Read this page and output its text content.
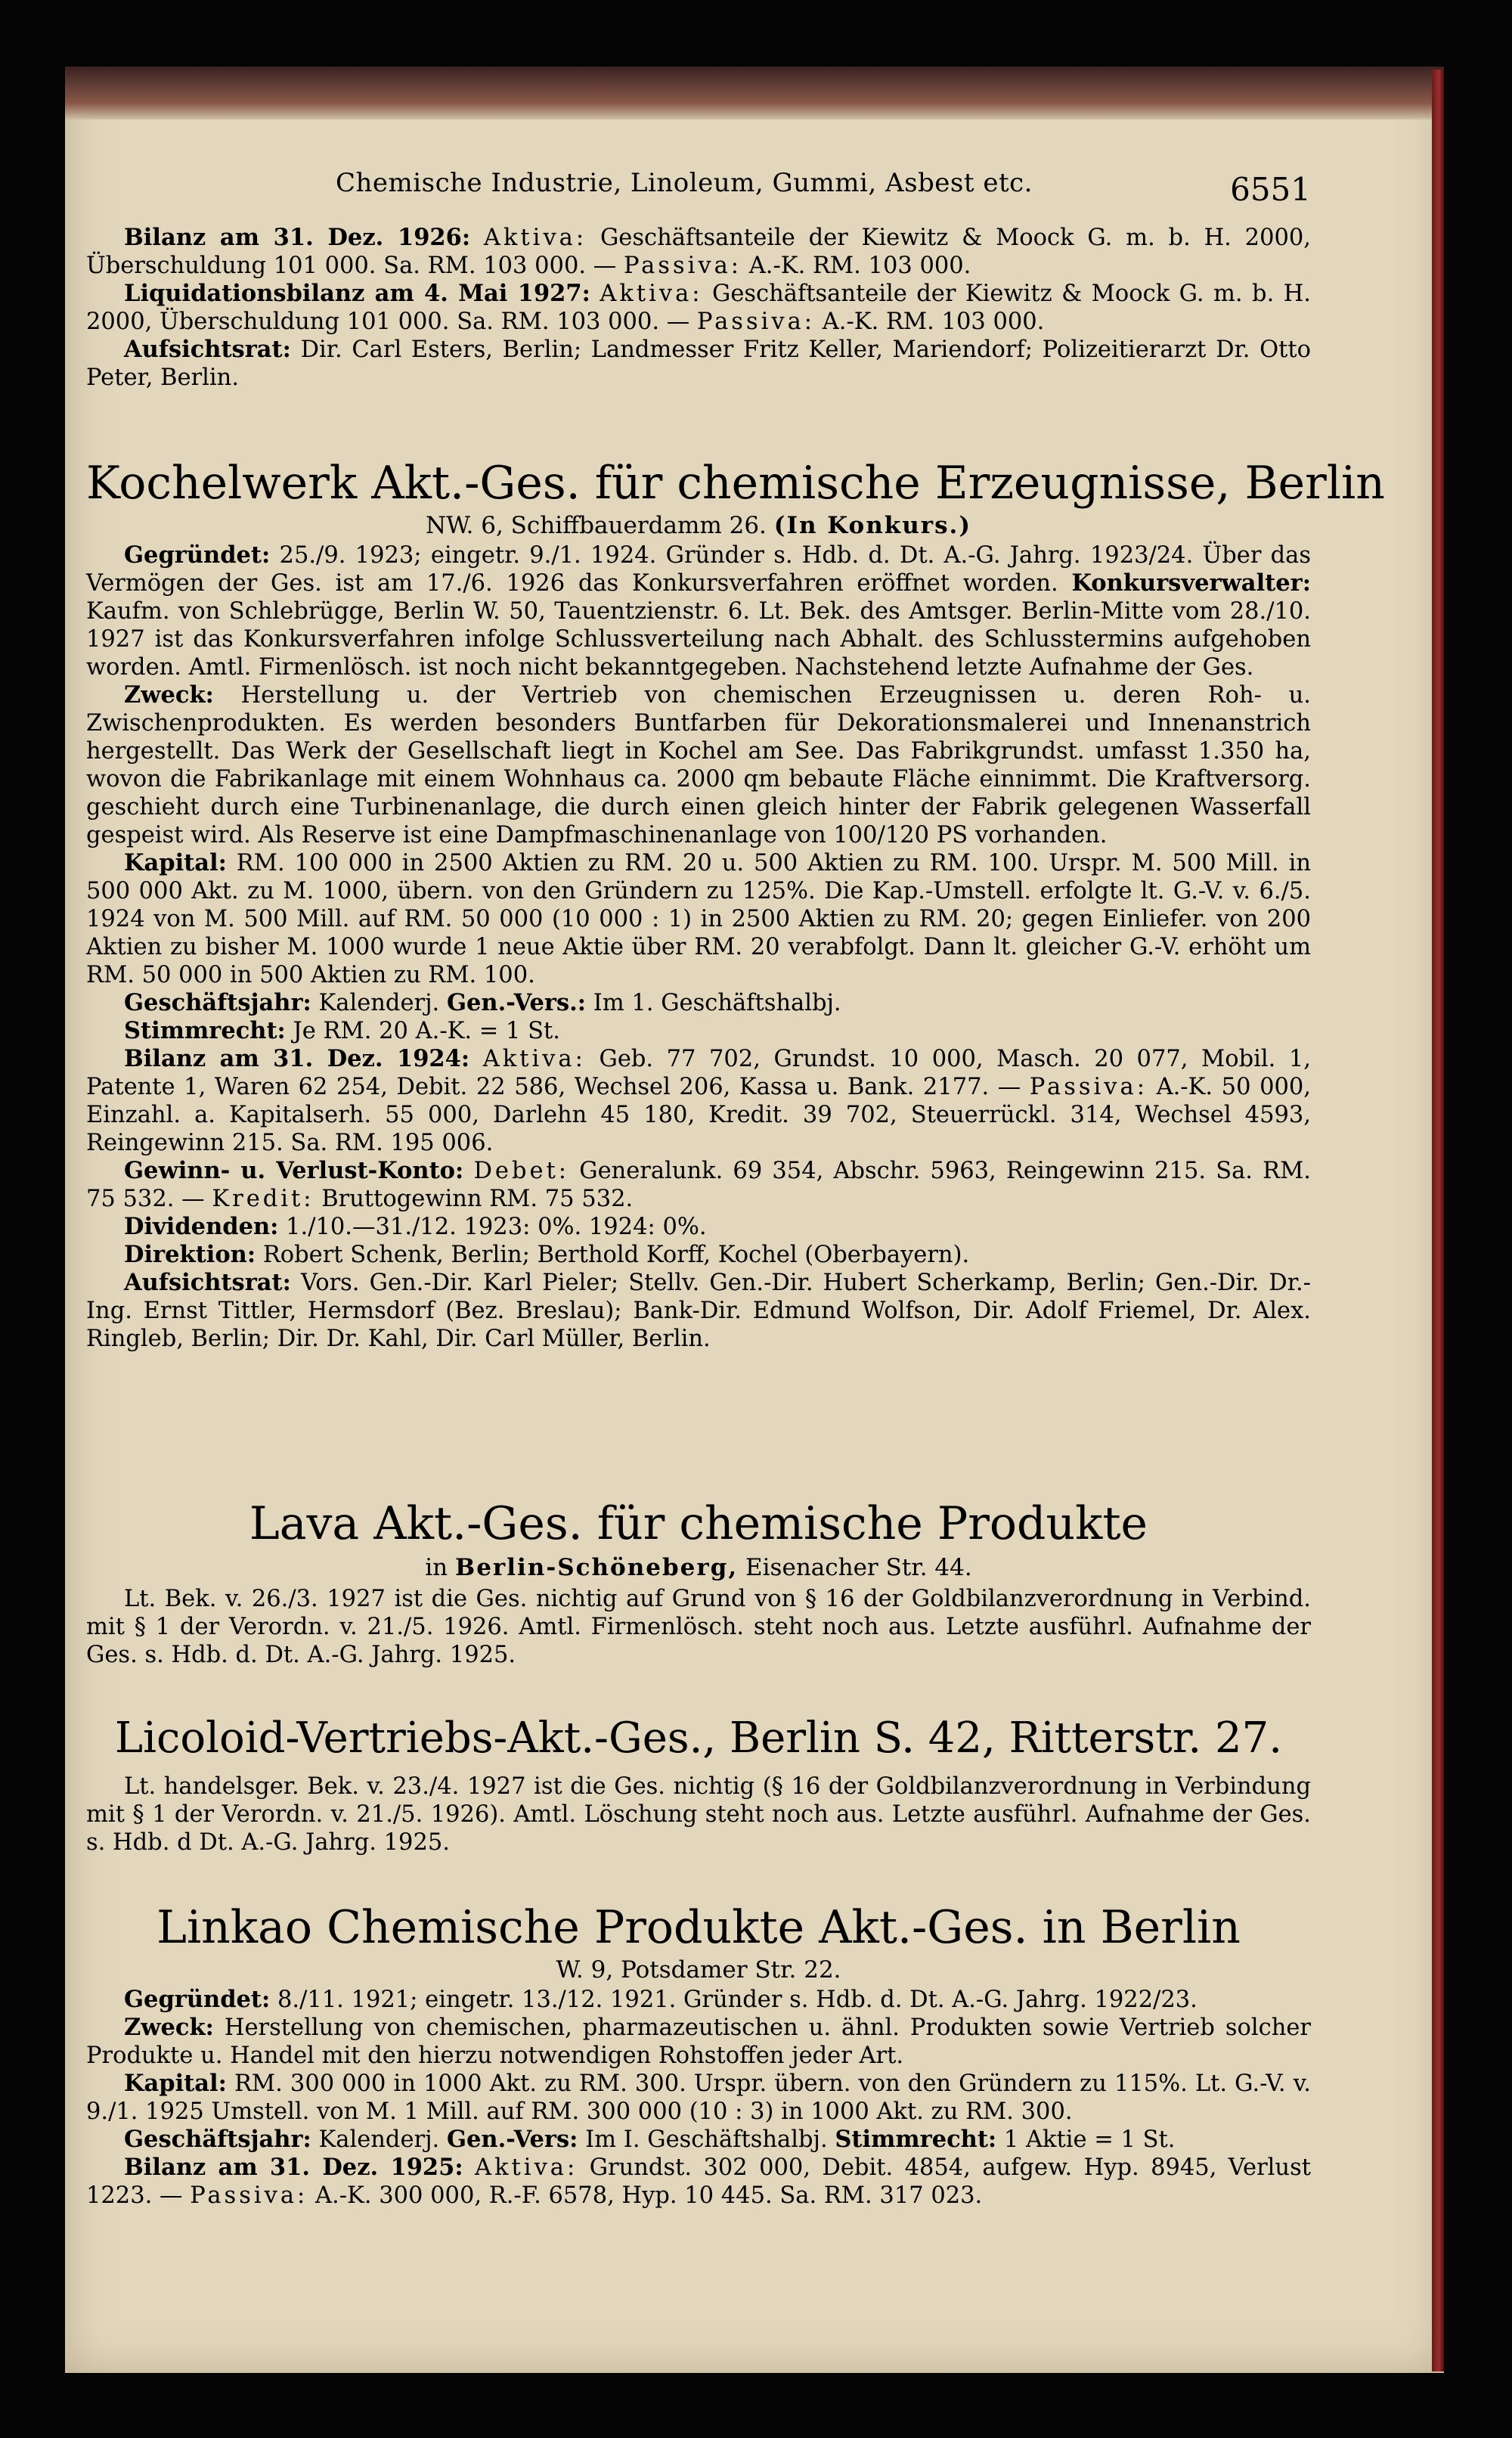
Chemische Industrie, Linoleum, Gummi, Asbest etc.	6551

Bilanz am 31. Dez. 1926: Aktiva: Geschäftsanteile der Kiewitz & Moock G. m. b. H. 2000, Überschuldung 101 000. Sa. RM. 103 000. — Passiva: A.-K. RM. 103 000.

Liquidationsbilanz am 4. Mai 1927: Aktiva: Geschäftsanteile der Kiewitz & Moock G. m. b. H. 2000, Überschuldung 101 000. Sa. RM. 103 000. — Passiva: A.-K. RM. 103 000.

Aufsichtsrat: Dir. Carl Esters, Berlin; Landmesser Fritz Keller, Mariendorf; Polizeitierarzt Dr. Otto Peter, Berlin.

Kochelwerk Akt.-Ges. für chemische Erzeugnisse, Berlin
NW. 6, Schiffbauerdamm 26. (In Konkurs.)

Gegründet: 25./9. 1923; eingetr. 9./1. 1924. Gründer s. Hdb. d. Dt. A.-G. Jahrg. 1923/24. Über das Vermögen der Ges. ist am 17./6. 1926 das Konkursverfahren eröffnet worden. Konkursverwalter: Kaufm. von Schlebrügge, Berlin W. 50, Tauentzienstr. 6. Lt. Bek. des Amtsger. Berlin-Mitte vom 28./10. 1927 ist das Konkursverfahren infolge Schlussverteilung nach Abhalt. des Schlusstermins aufgehoben worden. Amtl. Firmenlösch. ist noch nicht bekanntgegeben. Nachstehend letzte Aufnahme der Ges.

Zweck: Herstellung u. der Vertrieb von chemischen Erzeugnissen u. deren Roh- u. Zwischenprodukten. Es werden besonders Buntfarben für Dekorationsmalerei und Innenanstrich hergestellt. Das Werk der Gesellschaft liegt in Kochel am See. Das Fabrikgrundst. umfasst 1.350 ha, wovon die Fabrikanlage mit einem Wohnhaus ca. 2000 qm bebaute Fläche einnimmt. Die Kraftversorg. geschieht durch eine Turbinenanlage, die durch einen gleich hinter der Fabrik gelegenen Wasserfall gespeist wird. Als Reserve ist eine Dampfmaschinenanlage von 100/120 PS vorhanden.

Kapital: RM. 100 000 in 2500 Aktien zu RM. 20 u. 500 Aktien zu RM. 100. Urspr. M. 500 Mill. in 500 000 Akt. zu M. 1000, übern. von den Gründern zu 125%. Die Kap.-Umstell. erfolgte lt. G.-V. v. 6./5. 1924 von M. 500 Mill. auf RM. 50 000 (10 000 : 1) in 2500 Aktien zu RM. 20; gegen Einliefer. von 200 Aktien zu bisher M. 1000 wurde 1 neue Aktie über RM. 20 verabfolgt. Dann lt. gleicher G.-V. erhöht um RM. 50 000 in 500 Aktien zu RM. 100.

Geschäftsjahr: Kalenderj. Gen.-Vers.: Im 1. Geschäftshalbj.

Stimmrecht: Je RM. 20 A.-K. = 1 St.

Bilanz am 31. Dez. 1924: Aktiva: Geb. 77 702, Grundst. 10 000, Masch. 20 077, Mobil. 1, Patente 1, Waren 62 254, Debit. 22 586, Wechsel 206, Kassa u. Bank. 2177. — Passiva: A.-K. 50 000, Einzahl. a. Kapitalserh. 55 000, Darlehn 45 180, Kredit. 39 702, Steuerrückl. 314, Wechsel 4593, Reingewinn 215. Sa. RM. 195 006.

Gewinn- u. Verlust-Konto: Debet: Generalunk. 69 354, Abschr. 5963, Reingewinn 215. Sa. RM. 75 532. — Kredit: Bruttogewinn RM. 75 532.

Dividenden: 1./10.—31./12. 1923: 0%. 1924: 0%.

Direktion: Robert Schenk, Berlin; Berthold Korff, Kochel (Oberbayern).

Aufsichtsrat: Vors. Gen.-Dir. Karl Pieler; Stellv. Gen.-Dir. Hubert Scherkamp, Berlin; Gen.-Dir. Dr.-Ing. Ernst Tittler, Hermsdorf (Bez. Breslau); Bank-Dir. Edmund Wolfson, Dir. Adolf Friemel, Dr. Alex. Ringleb, Berlin; Dir. Dr. Kahl, Dir. Carl Müller, Berlin.

Lava Akt.-Ges. für chemische Produkte
in Berlin-Schöneberg, Eisenacher Str. 44.

Lt. Bek. v. 26./3. 1927 ist die Ges. nichtig auf Grund von § 16 der Goldbilanzverordnung in Verbind. mit § 1 der Verordn. v. 21./5. 1926. Amtl. Firmenlösch. steht noch aus. Letzte ausführl. Aufnahme der Ges. s. Hdb. d. Dt. A.-G. Jahrg. 1925.

Licoloid-Vertriebs-Akt.-Ges., Berlin S. 42, Ritterstr. 27.

Lt. handelsger. Bek. v. 23./4. 1927 ist die Ges. nichtig (§ 16 der Goldbilanzverordnung in Verbindung mit § 1 der Verordn. v. 21./5. 1926). Amtl. Löschung steht noch aus. Letzte ausführl. Aufnahme der Ges. s. Hdb. d Dt. A.-G. Jahrg. 1925.

Linkao Chemische Produkte Akt.-Ges. in Berlin
W. 9, Potsdamer Str. 22.

Gegründet: 8./11. 1921; eingetr. 13./12. 1921. Gründer s. Hdb. d. Dt. A.-G. Jahrg. 1922/23.

Zweck: Herstellung von chemischen, pharmazeutischen u. ähnl. Produkten sowie Vertrieb solcher Produkte u. Handel mit den hierzu notwendigen Rohstoffen jeder Art.

Kapital: RM. 300 000 in 1000 Akt. zu RM. 300. Urspr. übern. von den Gründern zu 115%. Lt. G.-V. v. 9./1. 1925 Umstell. von M. 1 Mill. auf RM. 300 000 (10 : 3) in 1000 Akt. zu RM. 300.

Geschäftsjahr: Kalenderj. Gen.-Vers: Im I. Geschäftshalbj. Stimmrecht: 1 Aktie = 1 St.

Bilanz am 31. Dez. 1925: Aktiva: Grundst. 302 000, Debit. 4854, aufgew. Hyp. 8945, Verlust 1223. — Passiva: A.-K. 300 000, R.-F. 6578, Hyp. 10 445. Sa. RM. 317 023.
